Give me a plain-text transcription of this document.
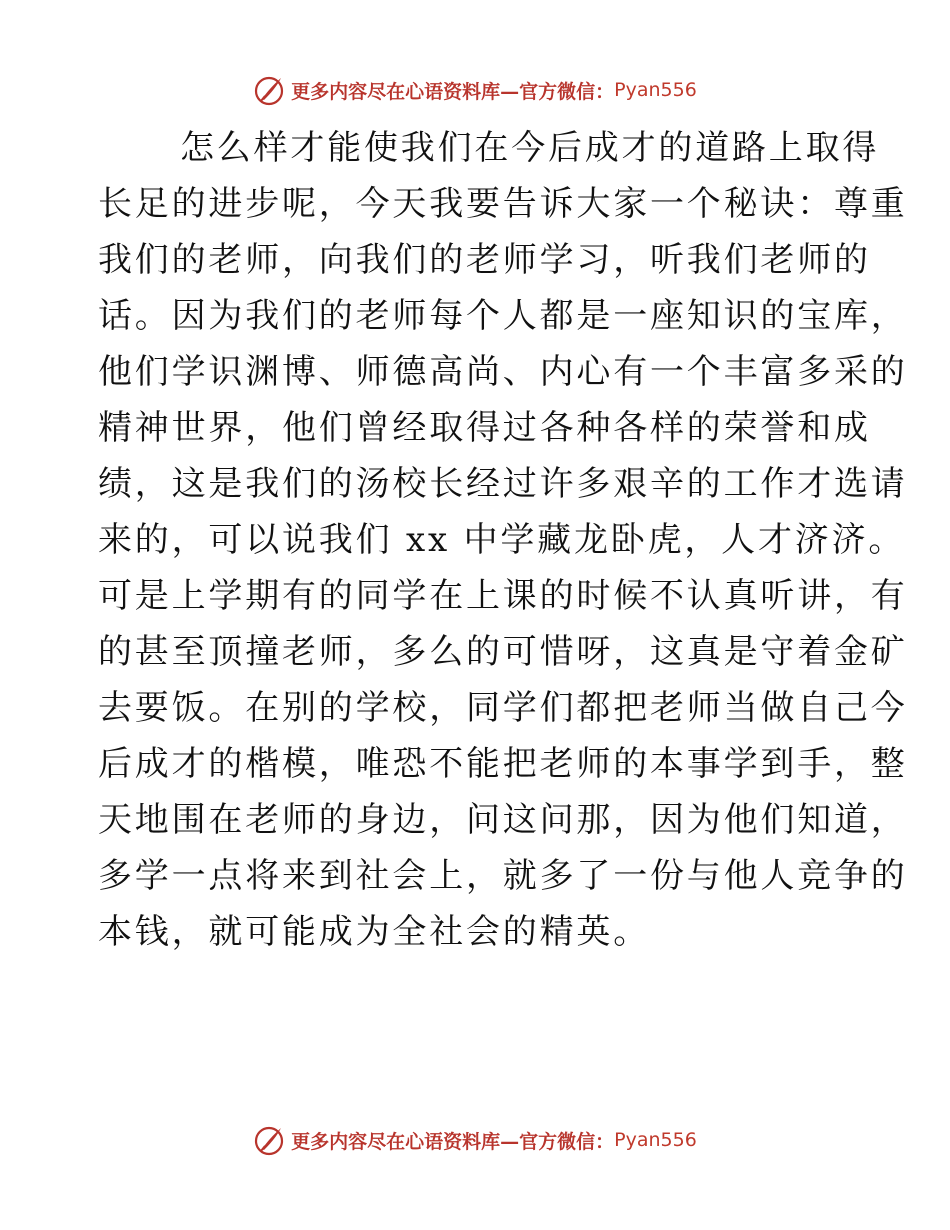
更多内容尽在心语资料库—官方微信： Pyan556

怎么样才能使我们在今后成才的道路上取得

长足的进步呢，今天我要告诉大家一个秘诀：尊重

我们的老师，向我们的老师学习，听我们老师的

话。因为我们的老师每个人都是一座知识的宝库，

他们学识渊博、师德高尚、内心有一个丰富多采的

精神世界，他们曾经取得过各种各样的荣誉和成

绩，这是我们的汤校长经过许多艰辛的工作才选请

来的，可以说我们 xx 中学藏龙卧虎，人才济济。

可是上学期有的同学在上课的时候不认真听讲，有

的甚至顶撞老师，多么的可惜呀，这真是守着金矿

去要饭。在别的学校，同学们都把老师当做自己今

后成才的楷模，唯恐不能把老师的本事学到手，整

天地围在老师的身边，问这问那，因为他们知道，

多学一点将来到社会上，就多了一份与他人竞争的

本钱，就可能成为全社会的精英。

更多内容尽在心语资料库—官方微信： Pyan556
